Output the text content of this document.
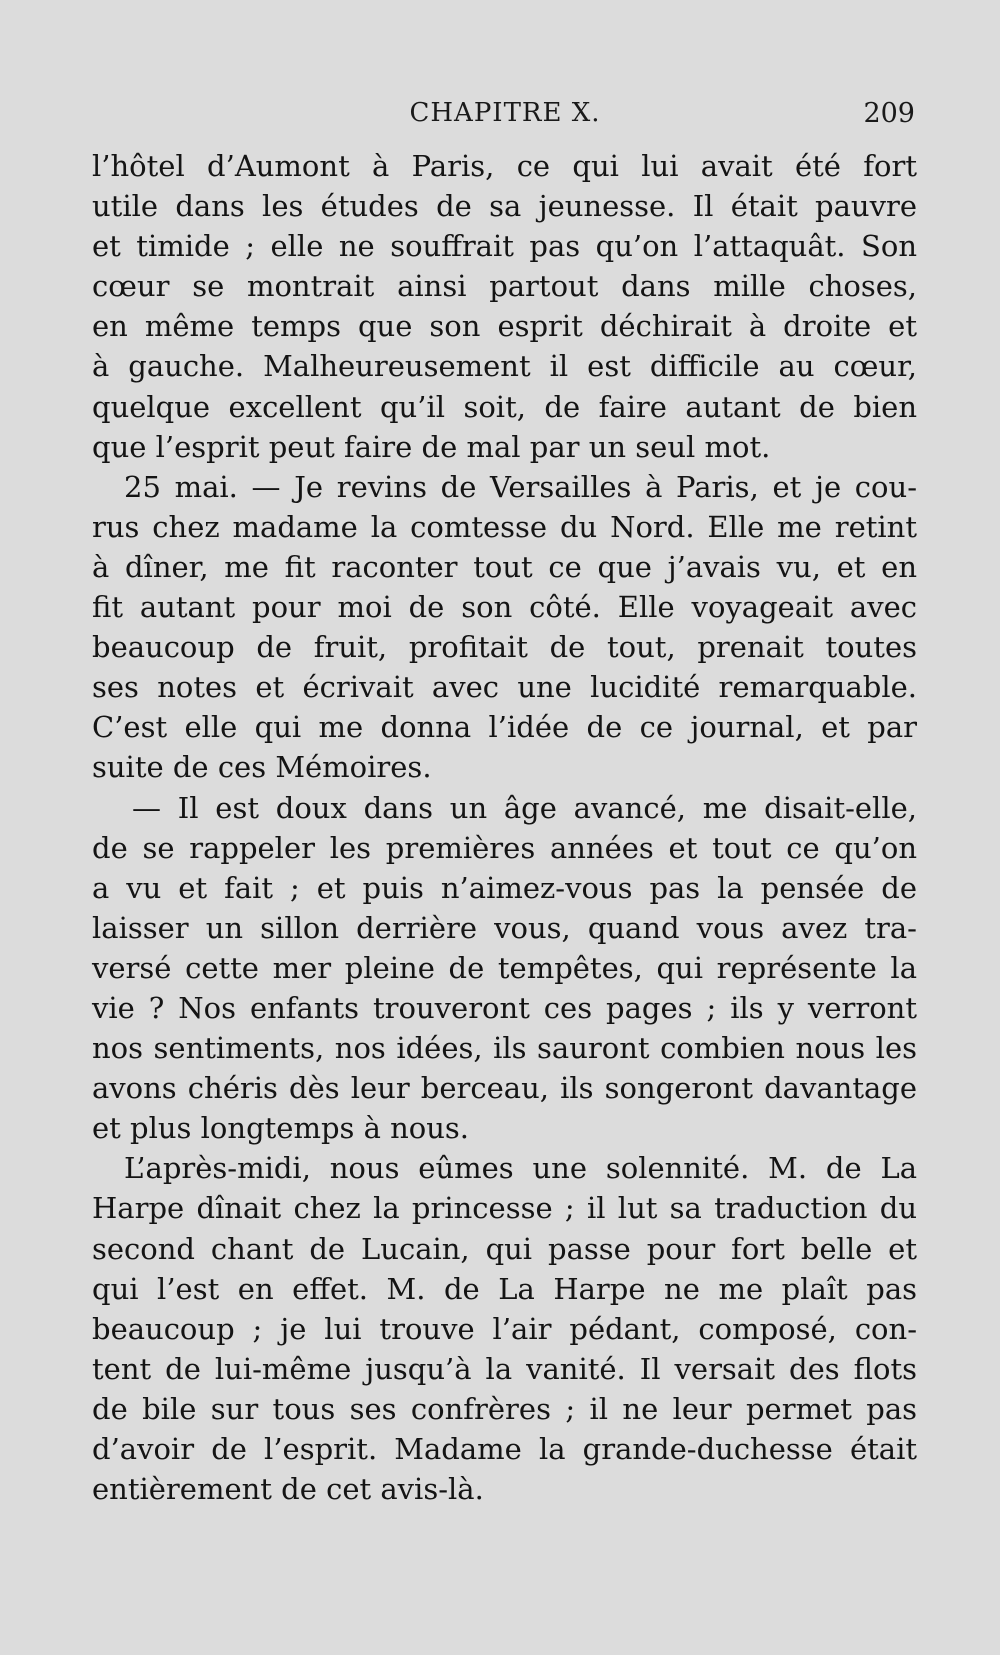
CHAPITRE X.	209
l’hôtel d’Aumont à Paris, ce qui lui avait été fort
utile dans les études de sa jeunesse. Il était pauvre
et timide ; elle ne souffrait pas qu’on l’attaquât. Son
cœur se montrait ainsi partout dans mille choses,
en même temps que son esprit déchirait à droite et
à gauche. Malheureusement il est difficile au cœur,
quelque excellent qu’il soit, de faire autant de bien
que l’esprit peut faire de mal par un seul mot.
25 mai. — Je revins de Versailles à Paris, et je cou-
rus chez madame la comtesse du Nord. Elle me retint
à dîner, me fit raconter tout ce que j’avais vu, et en
fit autant pour moi de son côté. Elle voyageait avec
beaucoup de fruit, profitait de tout, prenait toutes
ses notes et écrivait avec une lucidité remarquable.
C’est elle qui me donna l’idée de ce journal, et par
suite de ces Mémoires.
— Il est doux dans un âge avancé, me disait-elle,
de se rappeler les premières années et tout ce qu’on
a vu et fait ; et puis n’aimez-vous pas la pensée de
laisser un sillon derrière vous, quand vous avez tra-
versé cette mer pleine de tempêtes, qui représente la
vie ? Nos enfants trouveront ces pages ; ils y verront
nos sentiments, nos idées, ils sauront combien nous les
avons chéris dès leur berceau, ils songeront davantage
et plus longtemps à nous.
L’après-midi, nous eûmes une solennité. M. de La
Harpe dînait chez la princesse ; il lut sa traduction du
second chant de Lucain, qui passe pour fort belle et
qui l’est en effet. M. de La Harpe ne me plaît pas
beaucoup ; je lui trouve l’air pédant, composé, con-
tent de lui-même jusqu’à la vanité. Il versait des flots
de bile sur tous ses confrères ; il ne leur permet pas
d’avoir de l’esprit. Madame la grande-duchesse était
entièrement de cet avis-là.
